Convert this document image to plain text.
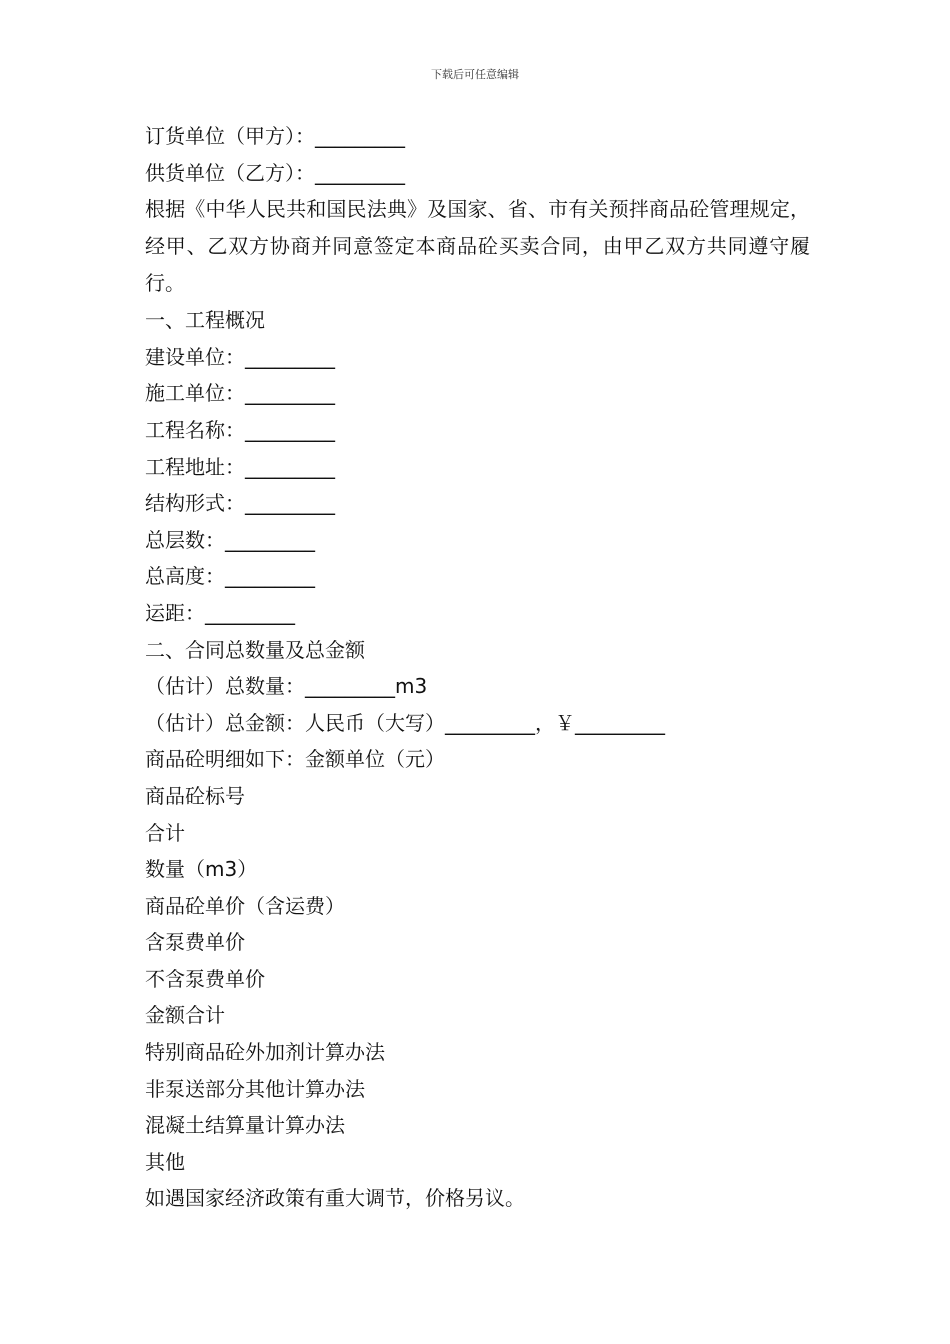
下载后可任意编辑
订货单位（甲方）：_________
供货单位（乙方）：_________
根据《中华人民共和国民法典》及国家、省、市有关预拌商品砼管理规定，经甲、乙双方协商并同意签定本商品砼买卖合同，由甲乙双方共同遵守履行。
一、工程概况
建设单位：_________
施工单位：_________
工程名称：_________
工程地址：_________
结构形式：_________
总层数：_________
总高度：_________
运距：_________
二、合同总数量及总金额
（估计）总数量：_________m3
（估计）总金额：人民币（大写）_________，￥_________
商品砼明细如下：金额单位（元）
商品砼标号
合计
数量（m3）
商品砼单价（含运费）
含泵费单价
不含泵费单价
金额合计
特别商品砼外加剂计算办法
非泵送部分其他计算办法
混凝土结算量计算办法
其他
如遇国家经济政策有重大调节，价格另议。
